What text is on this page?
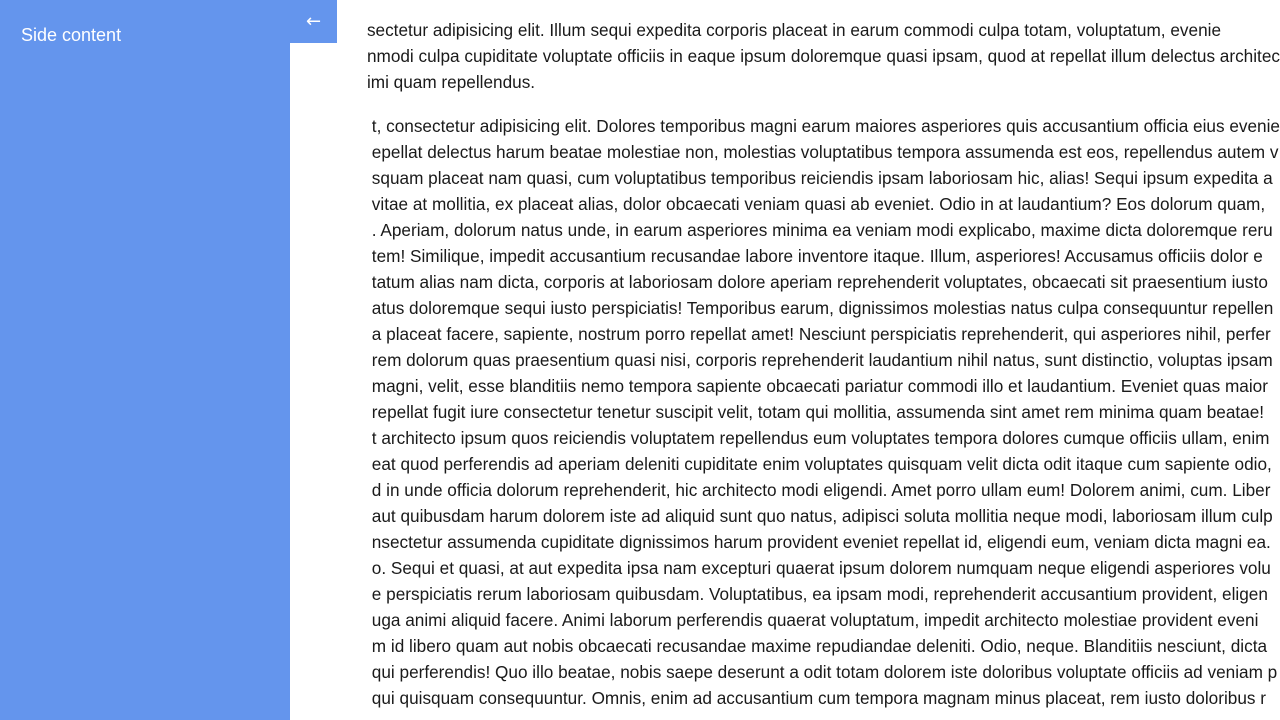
sectetur adipisicing elit. Illum sequi expedita corporis placeat in earum commodi culpa totam, voluptatum, evenie
nmodi culpa cupiditate voluptate officiis in eaque ipsum doloremque quasi ipsam, quod at repellat illum delectus architec
imi quam repellendus.

t, consectetur adipisicing elit. Dolores temporibus magni earum maiores asperiores quis accusantium officia eius evenie
epellat delectus harum beatae molestiae non, molestias voluptatibus tempora assumenda est eos, repellendus autem v
squam placeat nam quasi, cum voluptatibus temporibus reiciendis ipsam laboriosam hic, alias! Sequi ipsum expedita a
vitae at mollitia, ex placeat alias, dolor obcaecati veniam quasi ab eveniet. Odio in at laudantium? Eos dolorum quam,
. Aperiam, dolorum natus unde, in earum asperiores minima ea veniam modi explicabo, maxime dicta doloremque reru
tem! Similique, impedit accusantium recusandae labore inventore itaque. Illum, asperiores! Accusamus officiis dolor e
tatum alias nam dicta, corporis at laboriosam dolore aperiam reprehenderit voluptates, obcaecati sit praesentium iusto
atus doloremque sequi iusto perspiciatis! Temporibus earum, dignissimos molestias natus culpa consequuntur repellen
a placeat facere, sapiente, nostrum porro repellat amet! Nesciunt perspiciatis reprehenderit, qui asperiores nihil, perfer
rem dolorum quas praesentium quasi nisi, corporis reprehenderit laudantium nihil natus, sunt distinctio, voluptas ipsam
magni, velit, esse blanditiis nemo tempora sapiente obcaecati pariatur commodi illo et laudantium. Eveniet quas maior
repellat fugit iure consectetur tenetur suscipit velit, totam qui mollitia, assumenda sint amet rem minima quam beatae!
t architecto ipsum quos reiciendis voluptatem repellendus eum voluptates tempora dolores cumque officiis ullam, enim
eat quod perferendis ad aperiam deleniti cupiditate enim voluptates quisquam velit dicta odit itaque cum sapiente odio,
d in unde officia dolorum reprehenderit, hic architecto modi eligendi. Amet porro ullam eum! Dolorem animi, cum. Liber
aut quibusdam harum dolorem iste ad aliquid sunt quo natus, adipisci soluta mollitia neque modi, laboriosam illum culp
nsectetur assumenda cupiditate dignissimos harum provident eveniet repellat id, eligendi eum, veniam dicta magni ea.
o. Sequi et quasi, at aut expedita ipsa nam excepturi quaerat ipsum dolorem numquam neque eligendi asperiores volu
e perspiciatis rerum laboriosam quibusdam. Voluptatibus, ea ipsam modi, reprehenderit accusantium provident, eligen
uga animi aliquid facere. Animi laborum perferendis quaerat voluptatum, impedit architecto molestiae provident eveni
m id libero quam aut nobis obcaecati recusandae maxime repudiandae deleniti. Odio, neque. Blanditiis nesciunt, dicta
qui perferendis! Quo illo beatae, nobis saepe deserunt a odit totam dolorem iste doloribus voluptate officiis ad veniam p
qui quisquam consequuntur. Omnis, enim ad accusantium cum tempora magnam minus placeat, rem iusto doloribus r

Side content

←
